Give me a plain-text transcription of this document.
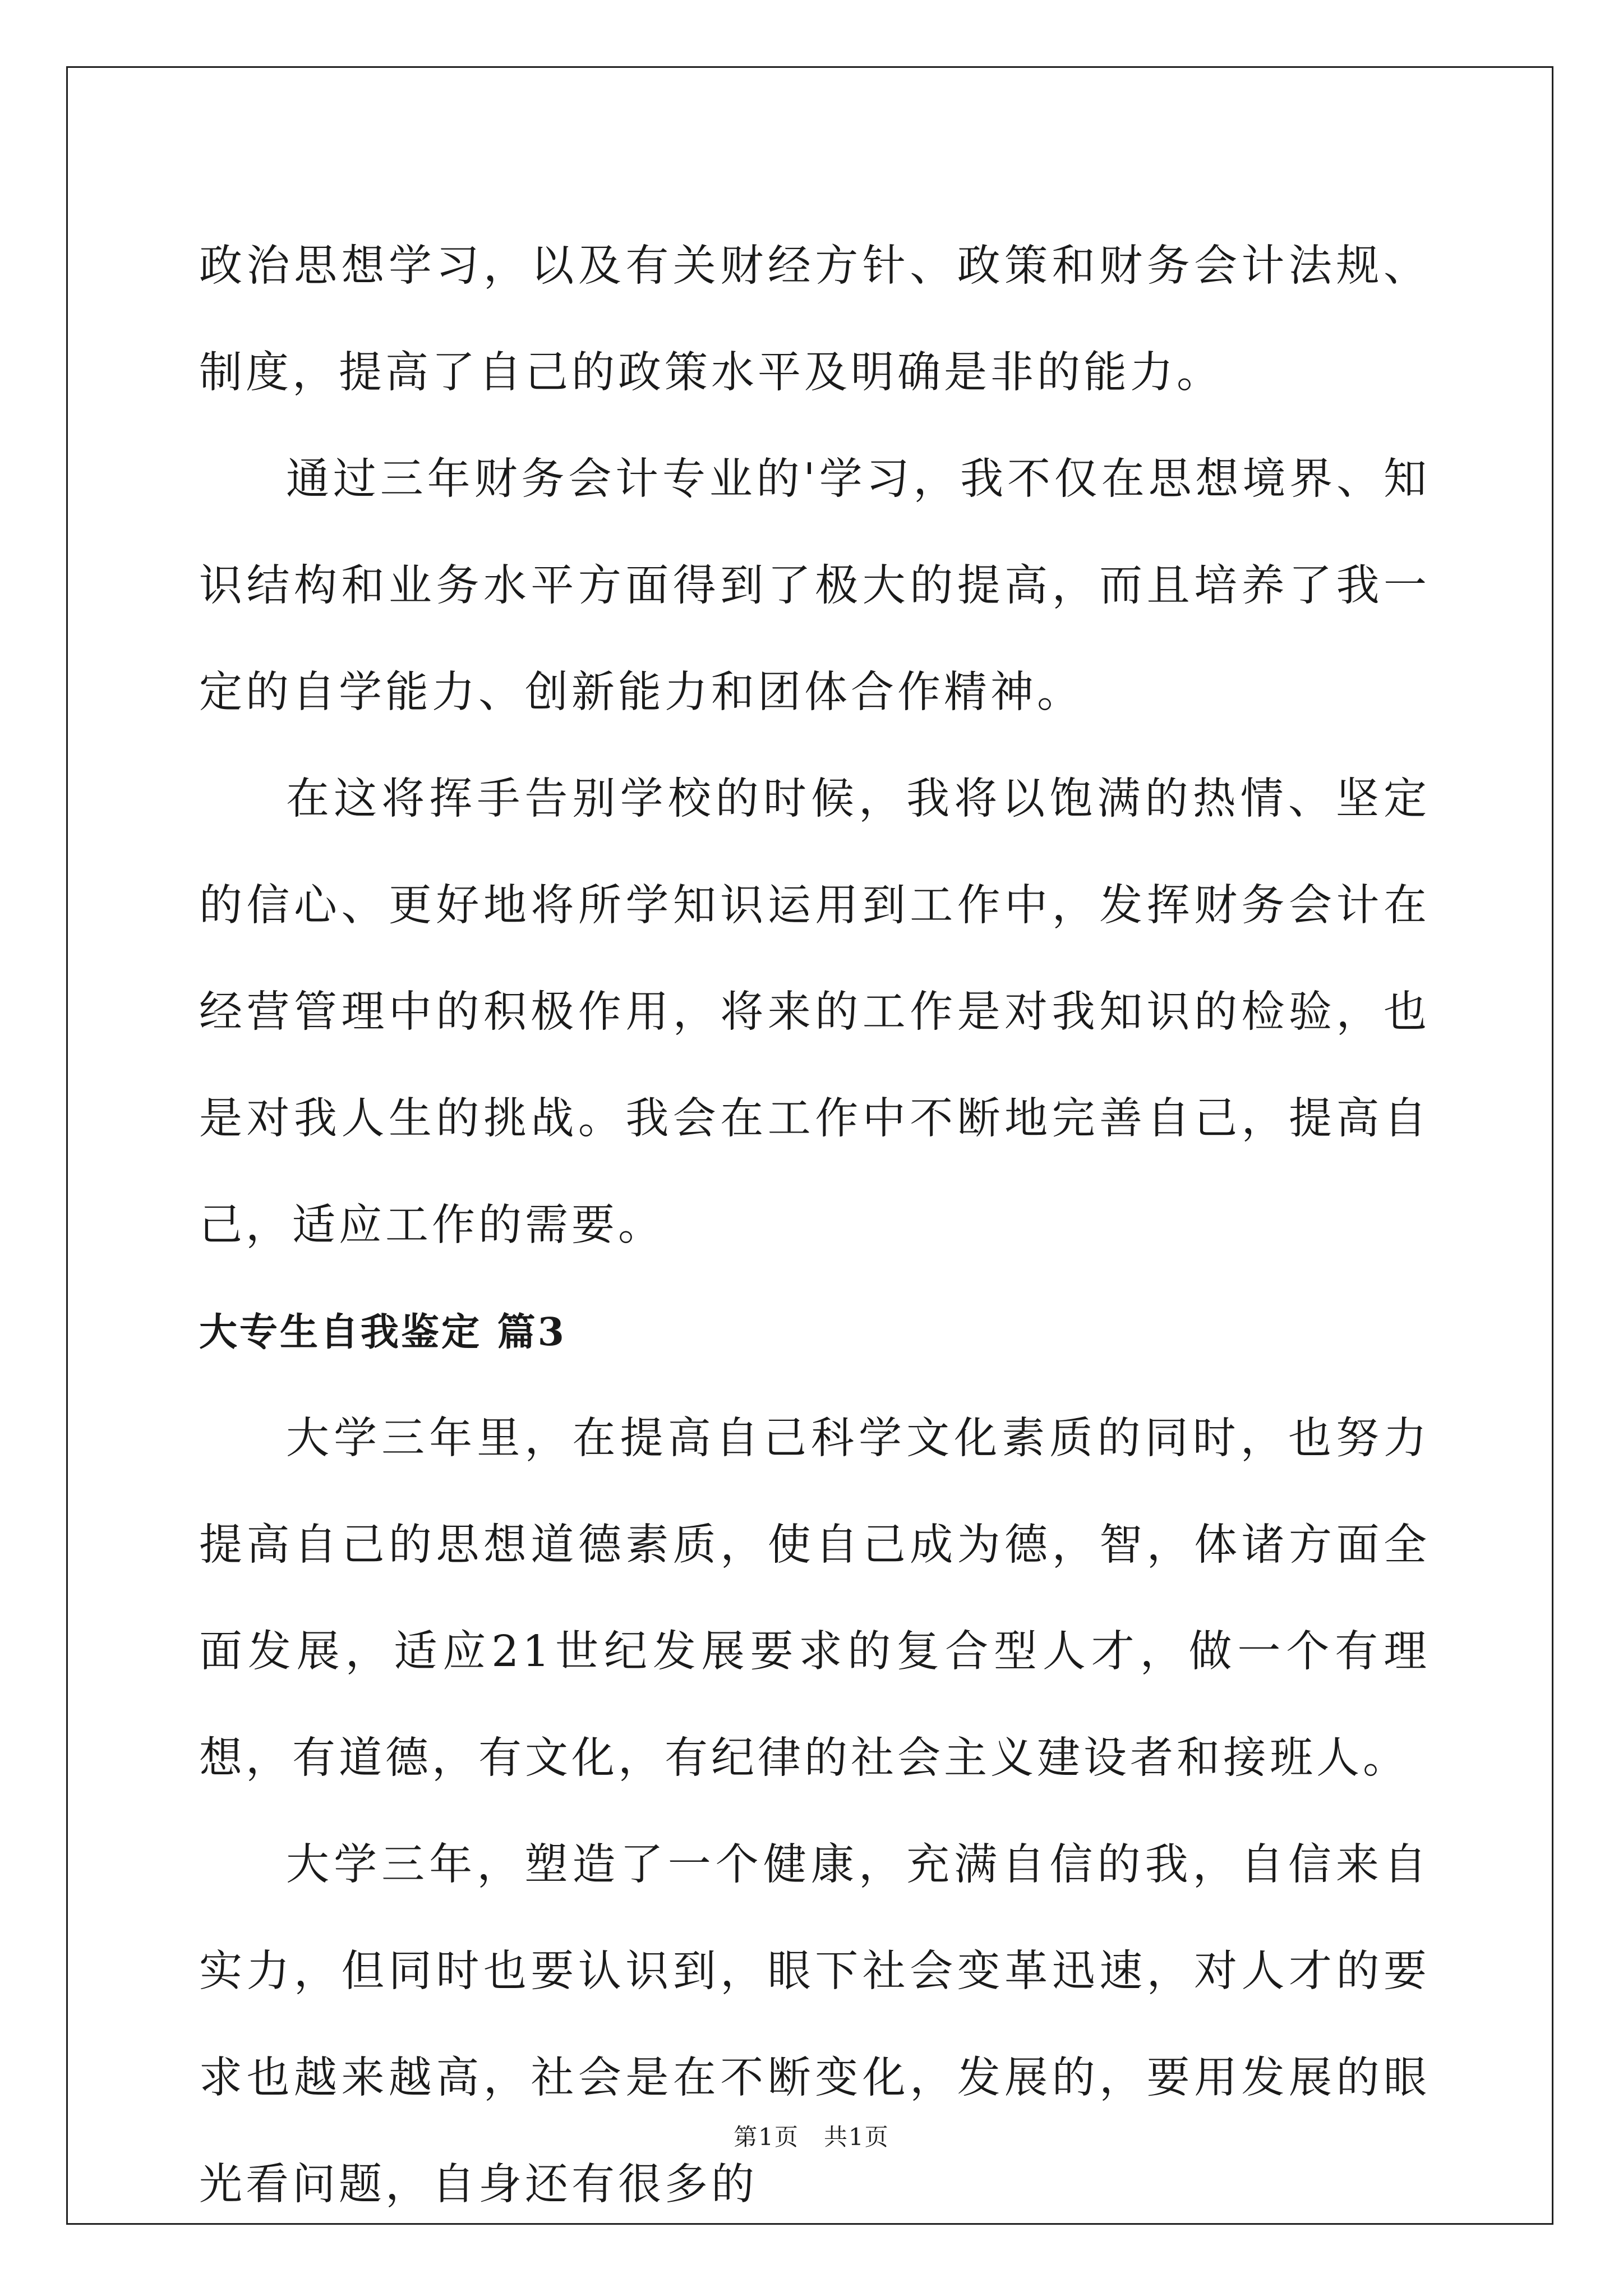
政治思想学习，以及有关财经方针、政策和财务会计法规、制度，提高了自己的政策水平及明确是非的能力。

通过三年财务会计专业的'学习，我不仅在思想境界、知识结构和业务水平方面得到了极大的提高，而且培养了我一定的自学能力、创新能力和团体合作精神。

在这将挥手告别学校的时候，我将以饱满的热情、坚定的信心、更好地将所学知识运用到工作中，发挥财务会计在经营管理中的积极作用，将来的工作是对我知识的检验，也是对我人生的挑战。我会在工作中不断地完善自己，提高自己，适应工作的需要。

大专生自我鉴定 篇3

大学三年里，在提高自己科学文化素质的同时，也努力提高自己的思想道德素质，使自己成为德，智，体诸方面全面发展，适应21世纪发展要求的复合型人才，做一个有理想，有道德，有文化，有纪律的社会主义建设者和接班人。

大学三年，塑造了一个健康，充满自信的我，自信来自实力，但同时也要认识到，眼下社会变革迅速，对人才的要求也越来越高，社会是在不断变化，发展的，要用发展的眼光看问题，自身还有很多的

第1页　共1页
